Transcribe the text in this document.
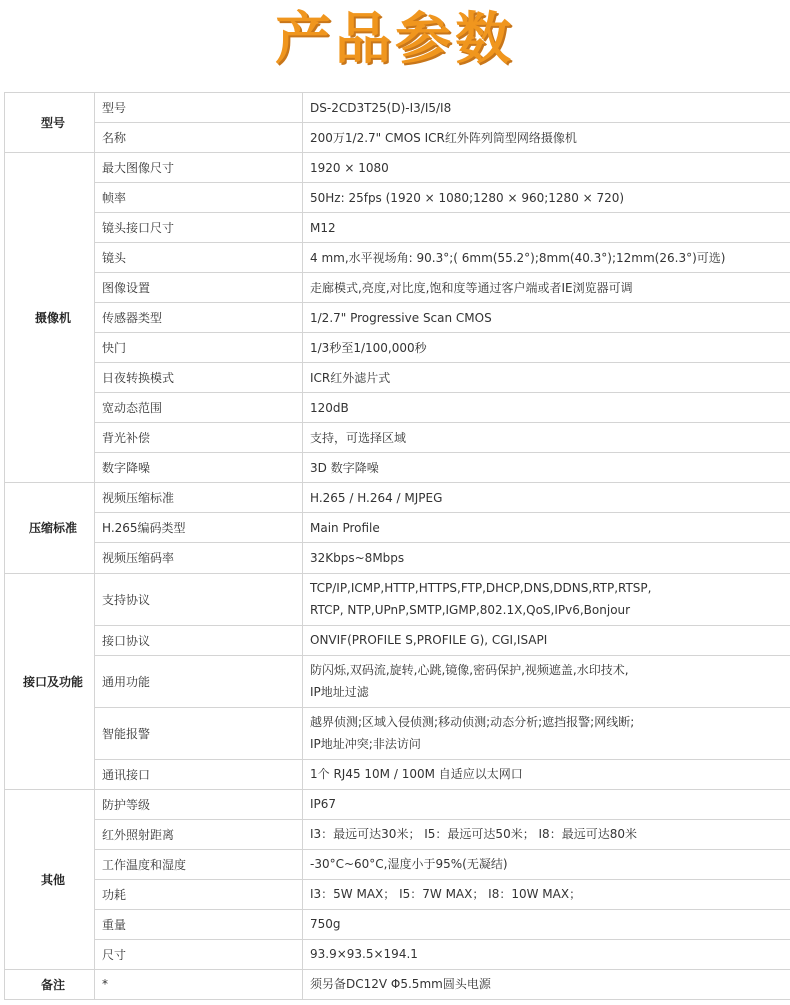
产品参数
型号	型号	DS-2CD3T25(D)-I3/I5/I8

	名称	200万1/2.7" CMOS ICR红外阵列筒型网络摄像机

摄像机	最大图像尺寸	1920 × 1080

	帧率	50Hz: 25fps (1920 × 1080;1280 × 960;1280 × 720)

	镜头接口尺寸	M12

	镜头	4 mm,水平视场角: 90.3°;( 6mm(55.2°);8mm(40.3°);12mm(26.3°)可选)

	图像设置	走廊模式,亮度,对比度,饱和度等通过客户端或者IE浏览器可调

	传感器类型	1/2.7" Progressive Scan CMOS

	快门	1/3秒至1/100,000秒

	日夜转换模式	ICR红外滤片式

	宽动态范围	120dB

	背光补偿	支持，可选择区域

	数字降噪	3D 数字降噪

压缩标准	视频压缩标准	H.265 / H.264 / MJPEG

	H.265编码类型	Main Profile

	视频压缩码率	32Kbps~8Mbps

接口及功能	支持协议	TCP/IP,ICMP,HTTP,HTTPS,FTP,DHCP,DNS,DDNS,RTP,RTSP,
RTCP, NTP,UPnP,SMTP,IGMP,802.1X,QoS,IPv6,Bonjour

	接口协议	ONVIF(PROFILE S,PROFILE G), CGI,ISAPI

	通用功能	防闪烁,双码流,旋转,心跳,镜像,密码保护,视频遮盖,水印技术,
IP地址过滤

	智能报警	越界侦测;区域入侵侦测;移动侦测;动态分析;遮挡报警;网线断;
IP地址冲突;非法访问

	通讯接口	1个 RJ45 10M / 100M 自适应以太网口

其他	防护等级	IP67

	红外照射距离	I3：最远可达30米； I5：最远可达50米； I8：最远可达80米

	工作温度和湿度	-30°C~60°C,湿度小于95%(无凝结)

	功耗	I3：5W MAX； I5：7W MAX； I8：10W MAX；

	重量	750g

	尺寸	93.9×93.5×194.1

备注	*	须另备DC12V Φ5.5mm圆头电源
